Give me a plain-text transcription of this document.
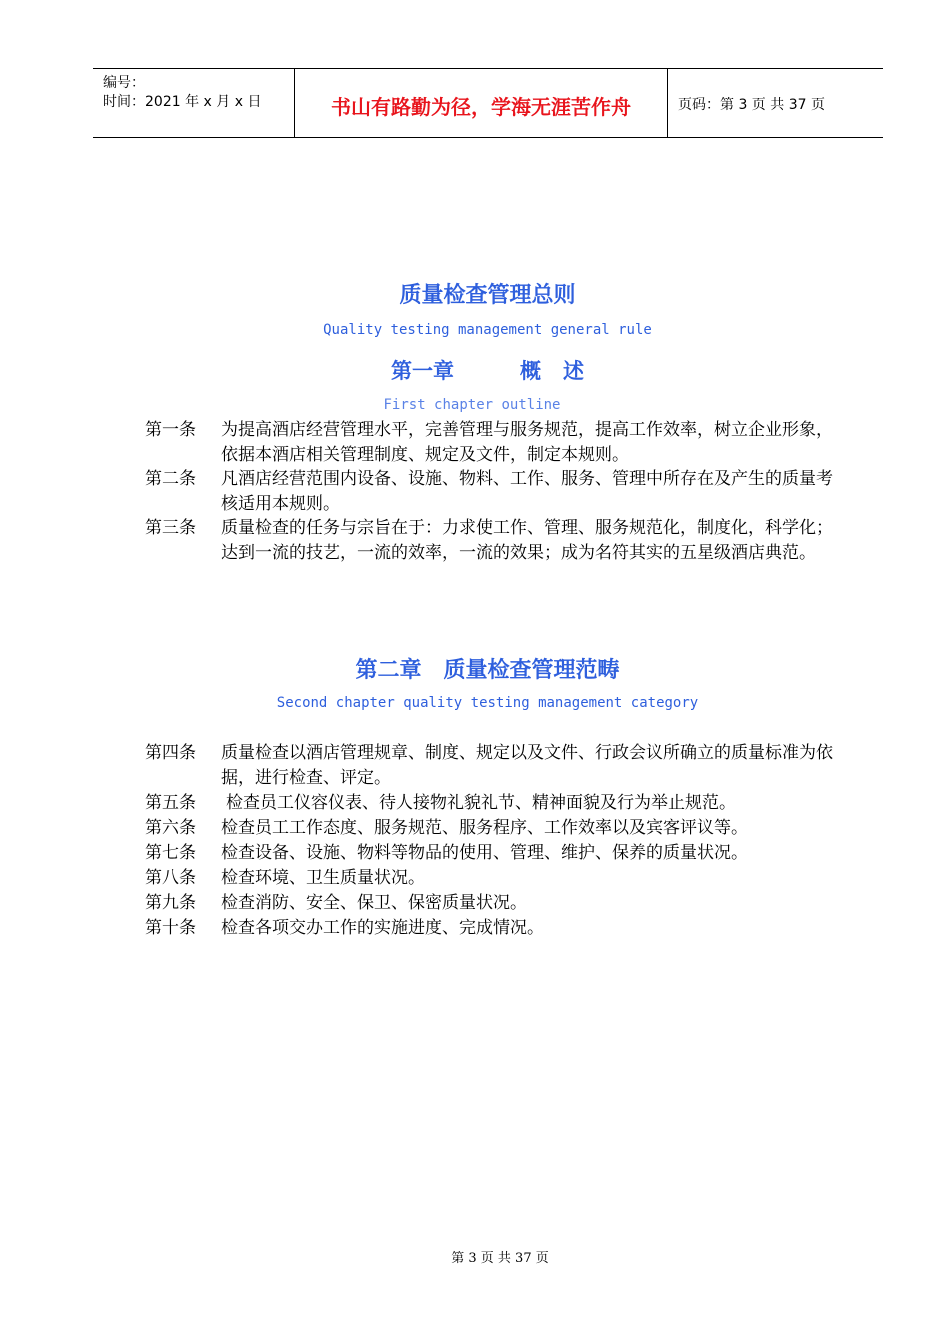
编号：
时间：2021 年 x 月 x 日	书山有路勤为径，学海无涯苦作舟	页码：第 3 页 共 37 页
质量检查管理总则
Quality testing management general rule
第一章	概 述
First chapter outline
第一条	为提高酒店经营管理水平，完善管理与服务规范，提高工作效率，树立企业形象，依据本酒店相关管理制度、规定及文件，制定本规则。
第二条	凡酒店经营范围内设备、设施、物料、工作、服务、管理中所存在及产生的质量考核适用本规则。
第三条	质量检查的任务与宗旨在于：力求使工作、管理、服务规范化，制度化，科学化；达到一流的技艺，一流的效率，一流的效果；成为名符其实的五星级酒店典范。
第二章 质量检查管理范畴
Second chapter quality testing management category
第四条	质量检查以酒店管理规章、制度、规定以及文件、行政会议所确立的质量标准为依据，进行检查、评定。
第五条	检查员工仪容仪表、待人接物礼貌礼节、精神面貌及行为举止规范。
第六条	检查员工工作态度、服务规范、服务程序、工作效率以及宾客评议等。
第七条	检查设备、设施、物料等物品的使用、管理、维护、保养的质量状况。
第八条	检查环境、卫生质量状况。
第九条	检查消防、安全、保卫、保密质量状况。
第十条	检查各项交办工作的实施进度、完成情况。
第 3 页 共 37 页
